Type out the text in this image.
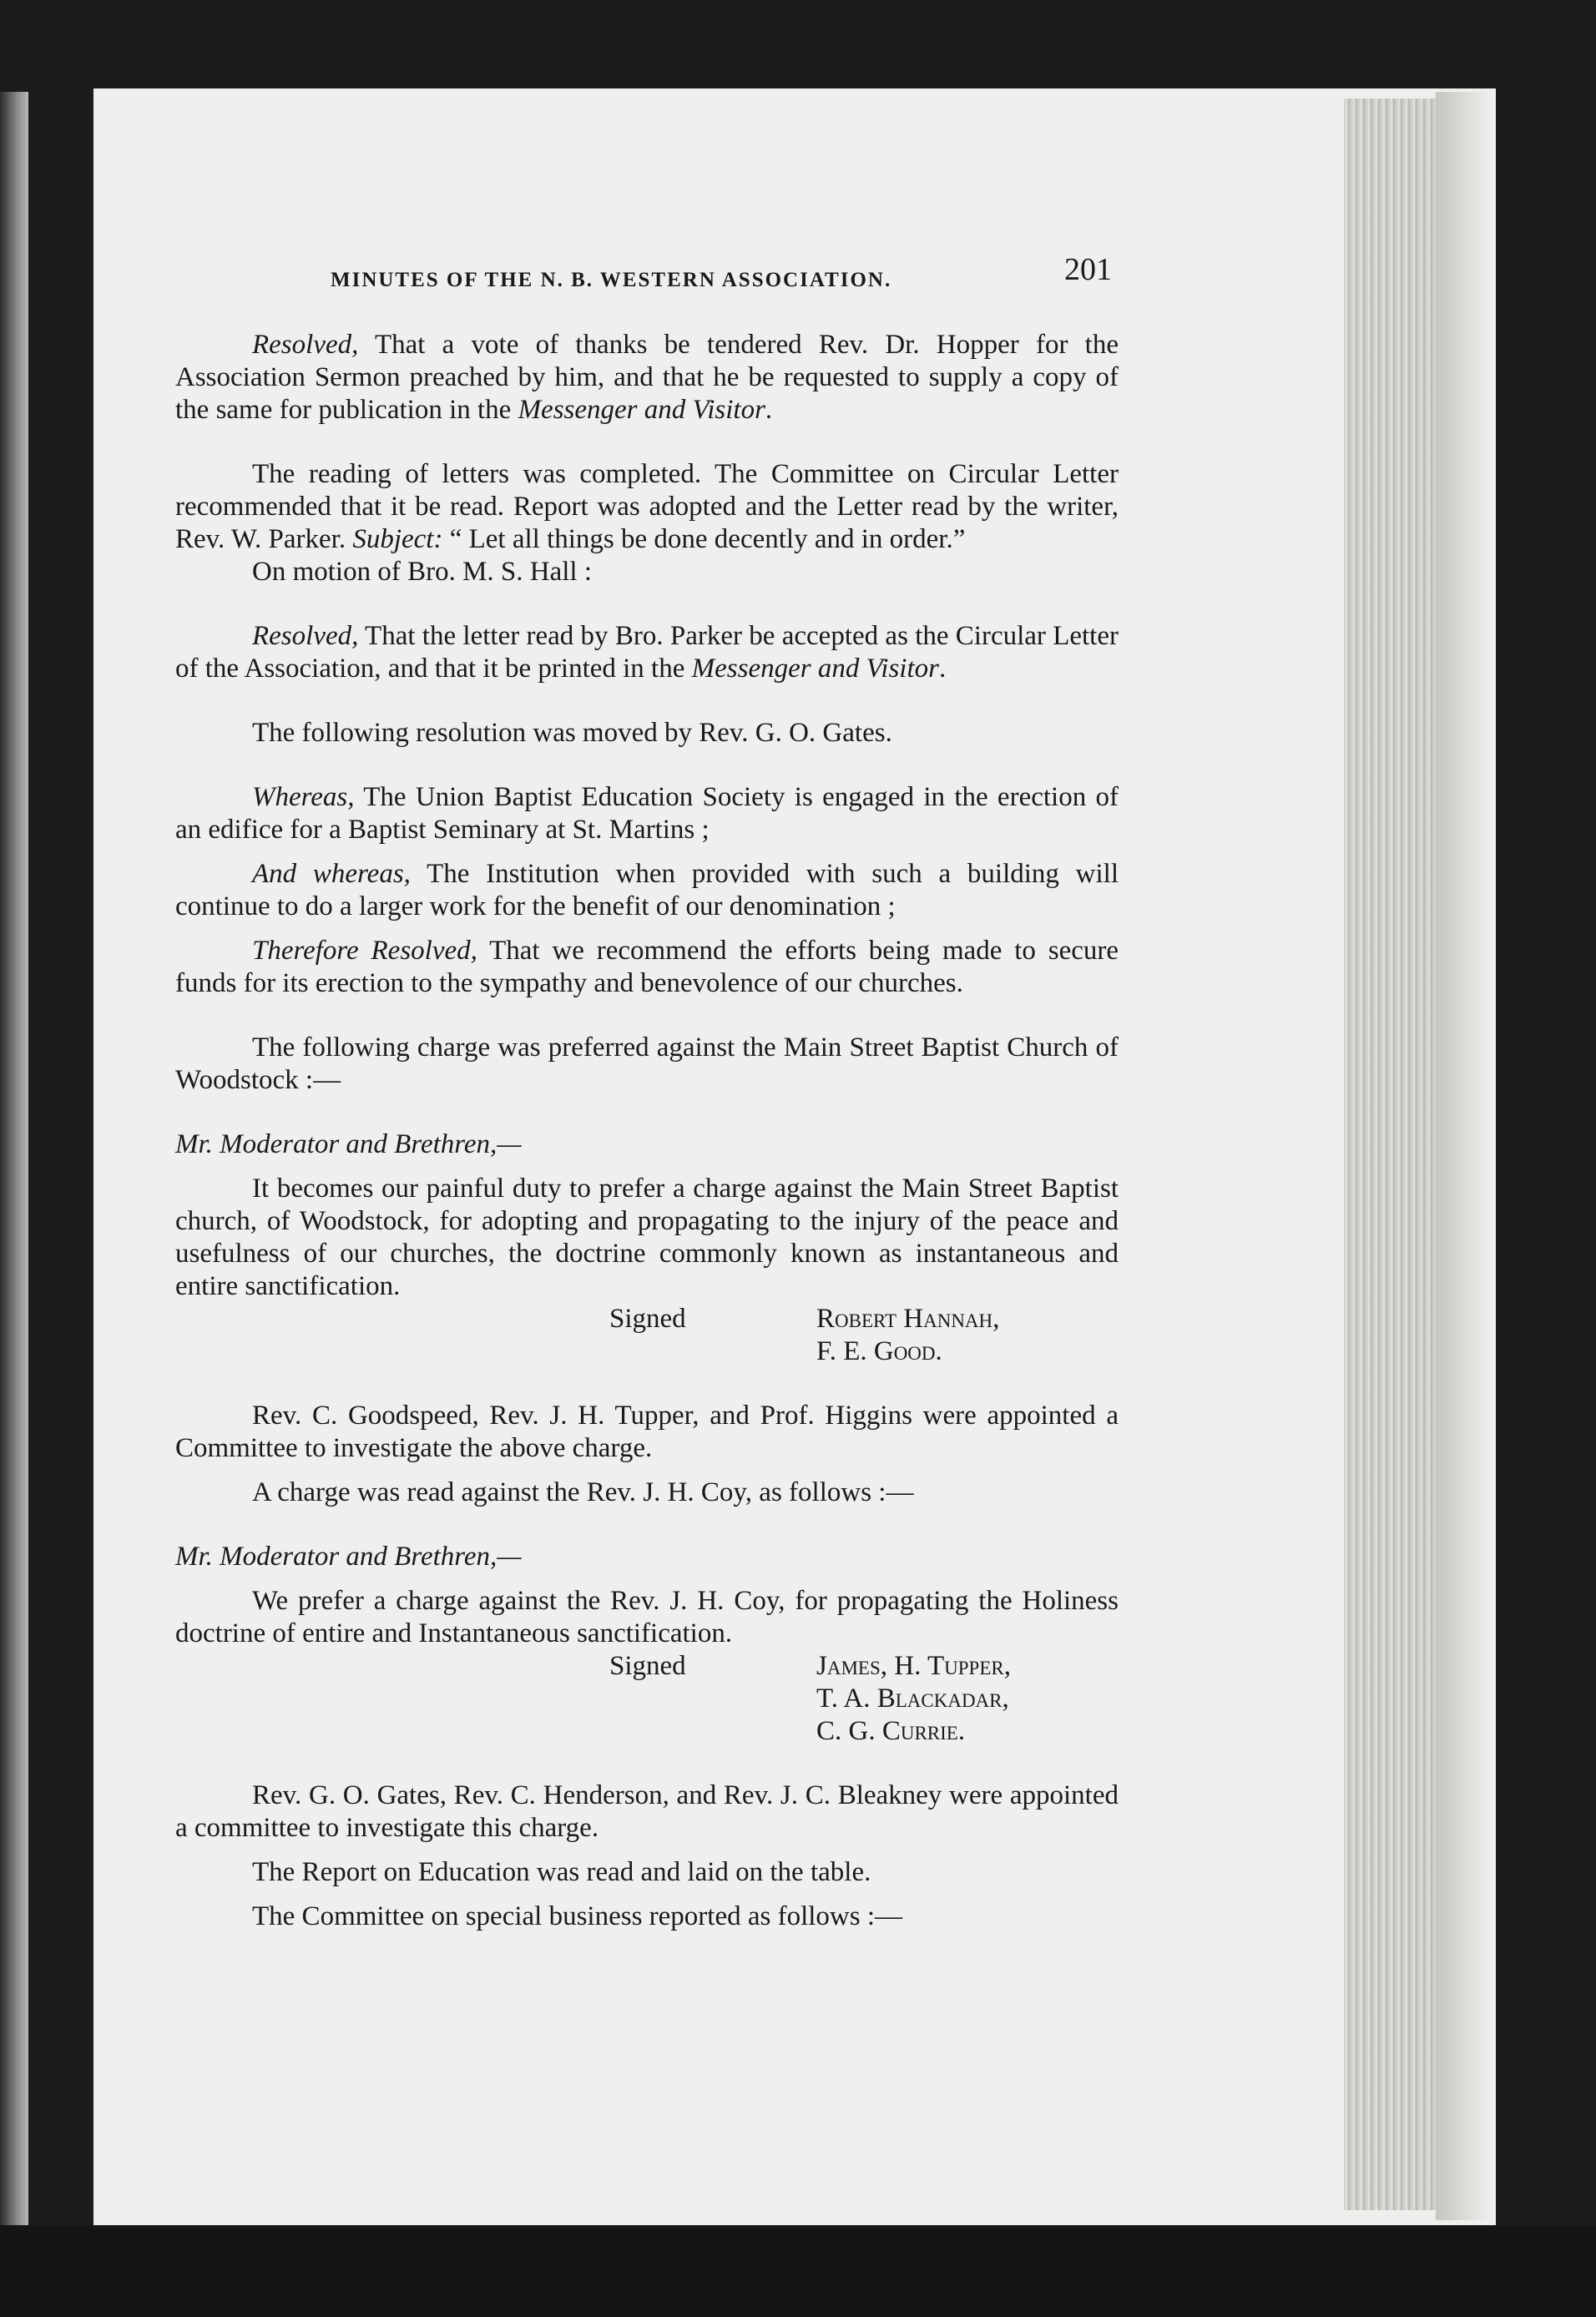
MINUTES OF THE N. B. WESTERN ASSOCIATION.	201

Resolved, That a vote of thanks be tendered Rev. Dr. Hopper for the Association Sermon preached by him, and that he be requested to supply a copy of the same for publication in the Messenger and Visitor.

The reading of letters was completed. The Committee on Circular Letter recommended that it be read. Report was adopted and the Letter read by the writer, Rev. W. Parker. Subject: “ Let all things be done decently and in order.”

On motion of Bro. M. S. Hall :

Resolved, That the letter read by Bro. Parker be accepted as the Circular Letter of the Association, and that it be printed in the Messenger and Visitor.

The following resolution was moved by Rev. G. O. Gates.

Whereas, The Union Baptist Education Society is engaged in the erection of an edifice for a Baptist Seminary at St. Martins ;

And whereas, The Institution when provided with such a building will continue to do a larger work for the benefit of our denomination ;

Therefore Resolved, That we recommend the efforts being made to secure funds for its erection to the sympathy and benevolence of our churches.

The following charge was preferred against the Main Street Baptist Church of Woodstock :—

Mr. Moderator and Brethren,—

It becomes our painful duty to prefer a charge against the Main Street Baptist church, of Woodstock, for adopting and propagating to the injury of the peace and usefulness of our churches, the doctrine commonly known as instantaneous and entire sanctification.

Signed	Robert Hannah,
F. E. Good.

Rev. C. Goodspeed, Rev. J. H. Tupper, and Prof. Higgins were appointed a Committee to investigate the above charge.

A charge was read against the Rev. J. H. Coy, as follows :—

Mr. Moderator and Brethren,—

We prefer a charge against the Rev. J. H. Coy, for propagating the Holiness doctrine of entire and Instantaneous sanctification.

Signed	James, H. Tupper,
T. A. Blackadar,
C. G. Currie.

Rev. G. O. Gates, Rev. C. Henderson, and Rev. J. C. Bleakney were appointed a committee to investigate this charge.

The Report on Education was read and laid on the table.

The Committee on special business reported as follows :—
